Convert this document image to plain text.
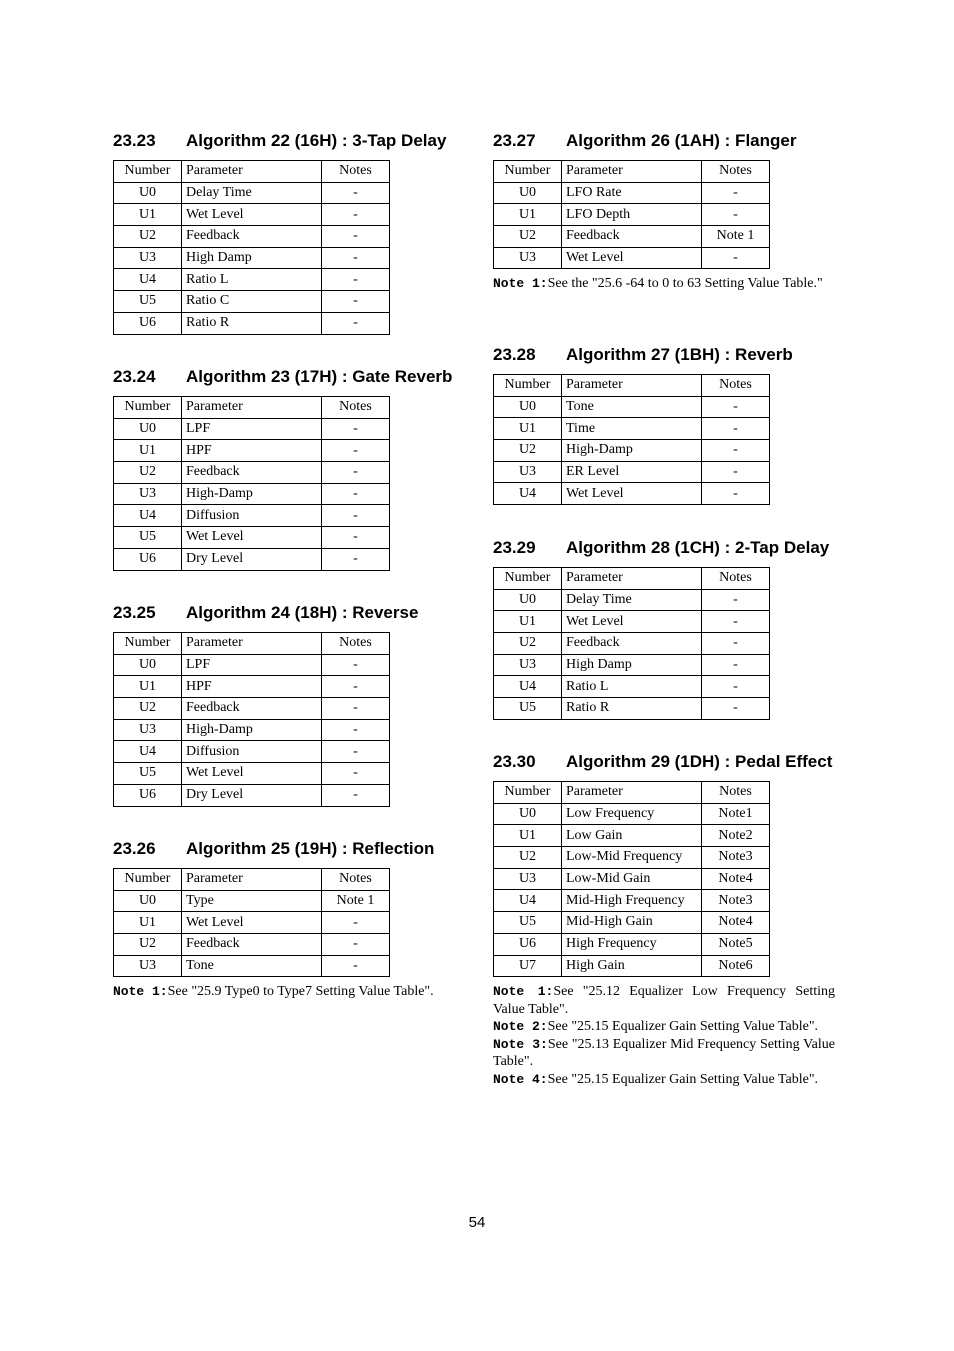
23.23 Algorithm 22 (16H) : 3-Tap Delay
Number	Parameter	Notes
U0	Delay Time	-
U1	Wet Level	-
U2	Feedback	-
U3	High Damp	-
U4	Ratio L	-
U5	Ratio C	-
U6	Ratio R	-
23.24 Algorithm 23 (17H) : Gate Reverb
Number	Parameter	Notes
U0	LPF	-
U1	HPF	-
U2	Feedback	-
U3	High-Damp	-
U4	Diffusion	-
U5	Wet Level	-
U6	Dry Level	-
23.25 Algorithm 24 (18H) : Reverse
Number	Parameter	Notes
U0	LPF	-
U1	HPF	-
U2	Feedback	-
U3	High-Damp	-
U4	Diffusion	-
U5	Wet Level	-
U6	Dry Level	-
23.26 Algorithm 25 (19H) : Reflection
Number	Parameter	Notes
U0	Type	Note 1
U1	Wet Level	-
U2	Feedback	-
U3	Tone	-

Note 1:See "25.9 Type0 to Type7 Setting Value Table".

23.27 Algorithm 26 (1AH) : Flanger
Number	Parameter	Notes
U0	LFO Rate	-
U1	LFO Depth	-
U2	Feedback	Note 1
U3	Wet Level	-

Note 1:See the "25.6 -64 to 0 to 63 Setting Value Table."

23.28 Algorithm 27 (1BH) : Reverb
Number	Parameter	Notes
U0	Tone	-
U1	Time	-
U2	High-Damp	-
U3	ER Level	-
U4	Wet Level	-
23.29 Algorithm 28 (1CH) : 2-Tap Delay
Number	Parameter	Notes
U0	Delay Time	-
U1	Wet Level	-
U2	Feedback	-
U3	High Damp	-
U4	Ratio L	-
U5	Ratio R	-
23.30 Algorithm 29 (1DH) : Pedal Effect
Number	Parameter	Notes
U0	Low Frequency	Note1
U1	Low Gain	Note2
U2	Low-Mid Frequency	Note3
U3	Low-Mid Gain	Note4
U4	Mid-High Frequency	Note3
U5	Mid-High Gain	Note4
U6	High Frequency	Note5
U7	High Gain	Note6

Note 1:See "25.12 Equalizer Low Frequency Setting Value Table".

Note 2:See "25.15 Equalizer Gain Setting Value Table".

Note 3:See "25.13 Equalizer Mid Frequency Setting Value Table".

Note 4:See "25.15 Equalizer Gain Setting Value Table".

54
